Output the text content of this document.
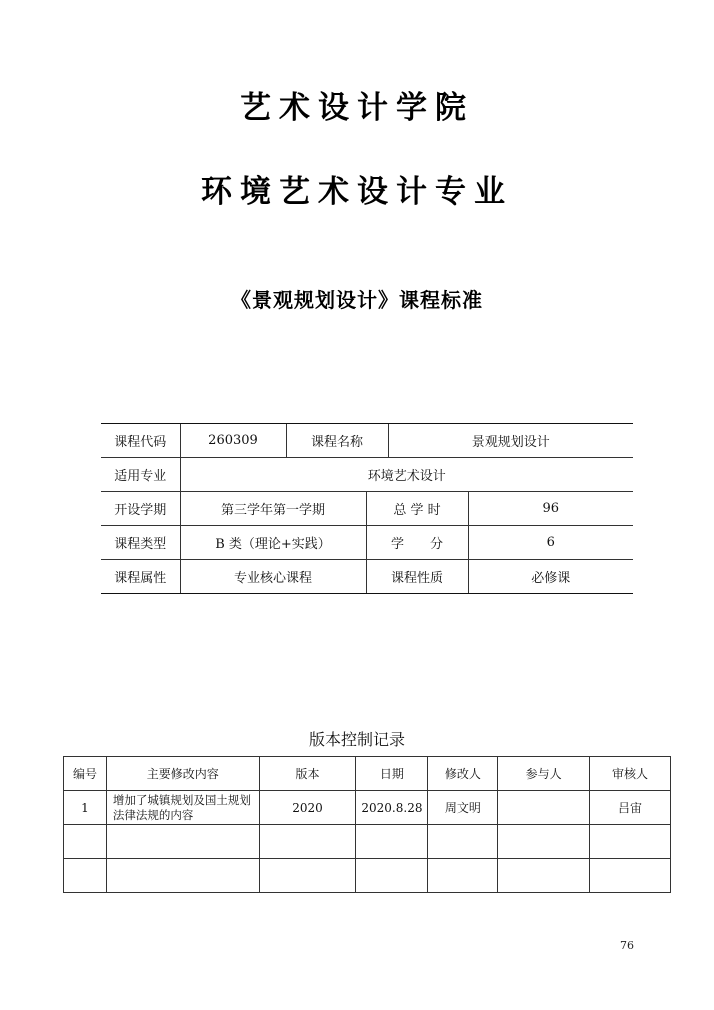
艺术设计学院
环境艺术设计专业
《景观规划设计》课程标准
课程代码	260309	课程名称		景观规划设计	
适用专业	环境艺术设计				
开设学期	第三学年第一学期		总 学 时		96
课程类型	B 类（理论+实践）		学　　分		6
课程属性	专业核心课程		课程性质		必修课
版本控制记录
编号	主要修改内容	版本	日期	修改人	参与人	审核人
1	增加了城镇规划及国土规划法律法规的内容	2020	2020.8.28	周文明		吕宙

76
